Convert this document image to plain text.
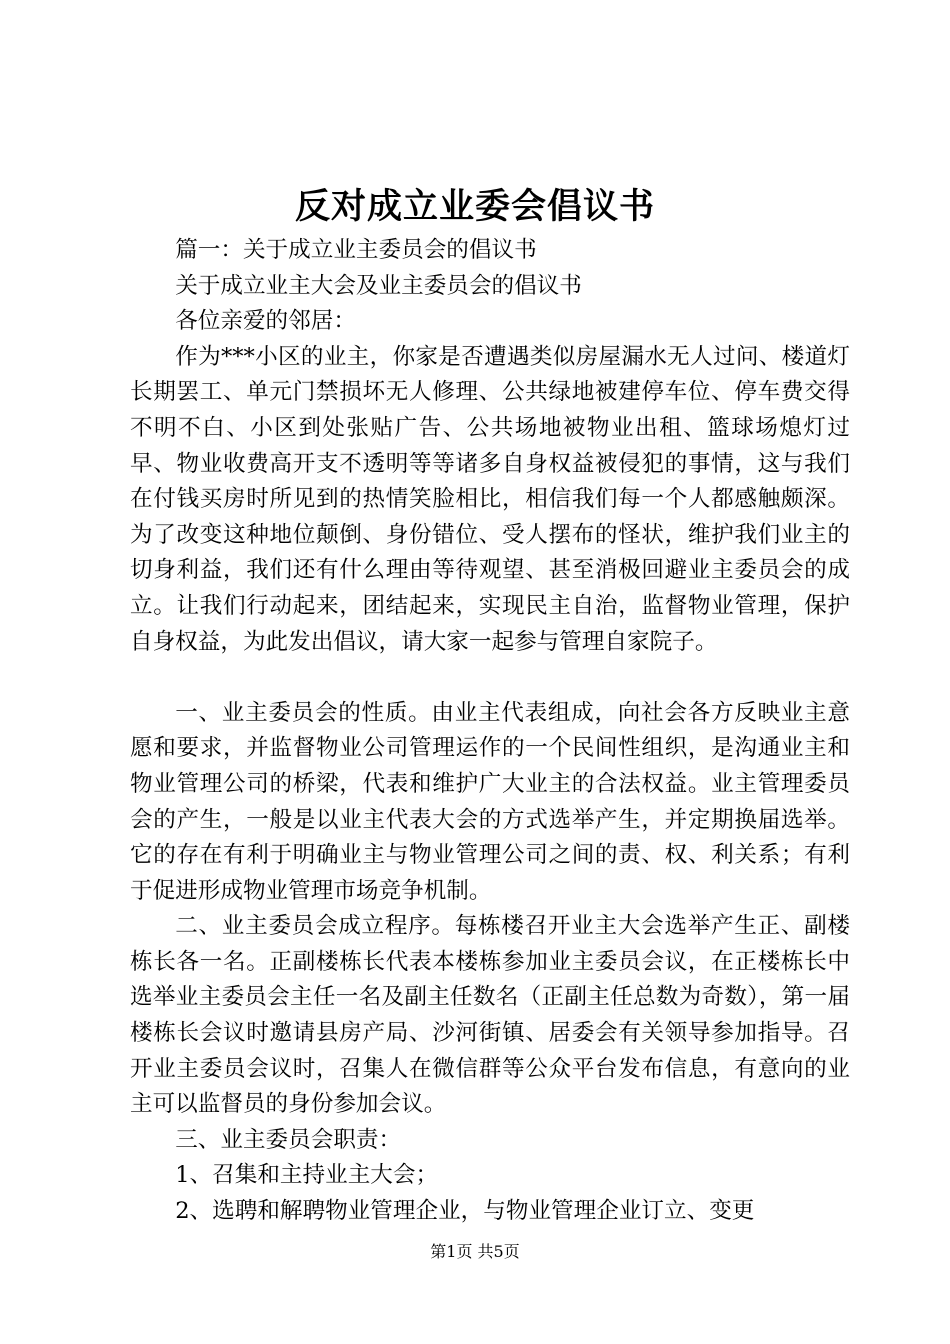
反对成立业委会倡议书

篇一：关于成立业主委员会的倡议书

关于成立业主大会及业主委员会的倡议书

各位亲爱的邻居：

作为***小区的业主，你家是否遭遇类似房屋漏水无人过问、楼道灯长期罢工、单元门禁损坏无人修理、公共绿地被建停车位、停车费交得不明不白、小区到处张贴广告、公共场地被物业出租、篮球场熄灯过早、物业收费高开支不透明等等诸多自身权益被侵犯的事情，这与我们在付钱买房时所见到的热情笑脸相比，相信我们每一个人都感触颇深。为了改变这种地位颠倒、身份错位、受人摆布的怪状，维护我们业主的切身利益，我们还有什么理由等待观望、甚至消极回避业主委员会的成立。让我们行动起来，团结起来，实现民主自治，监督物业管理，保护自身权益，为此发出倡议，请大家一起参与管理自家院子。

一、业主委员会的性质。由业主代表组成，向社会各方反映业主意愿和要求，并监督物业公司管理运作的一个民间性组织，是沟通业主和物业管理公司的桥梁，代表和维护广大业主的合法权益。业主管理委员会的产生，一般是以业主代表大会的方式选举产生，并定期换届选举。它的存在有利于明确业主与物业管理公司之间的责、权、利关系；有利于促进形成物业管理市场竞争机制。

二、业主委员会成立程序。每栋楼召开业主大会选举产生正、副楼栋长各一名。正副楼栋长代表本楼栋参加业主委员会议，在正楼栋长中选举业主委员会主任一名及副主任数名（正副主任总数为奇数），第一届楼栋长会议时邀请县房产局、沙河街镇、居委会有关领导参加指导。召开业主委员会议时，召集人在微信群等公众平台发布信息，有意向的业主可以监督员的身份参加会议。

三、业主委员会职责：

1、召集和主持业主大会；

2、选聘和解聘物业管理企业，与物业管理企业订立、变更

第1页 共5页
